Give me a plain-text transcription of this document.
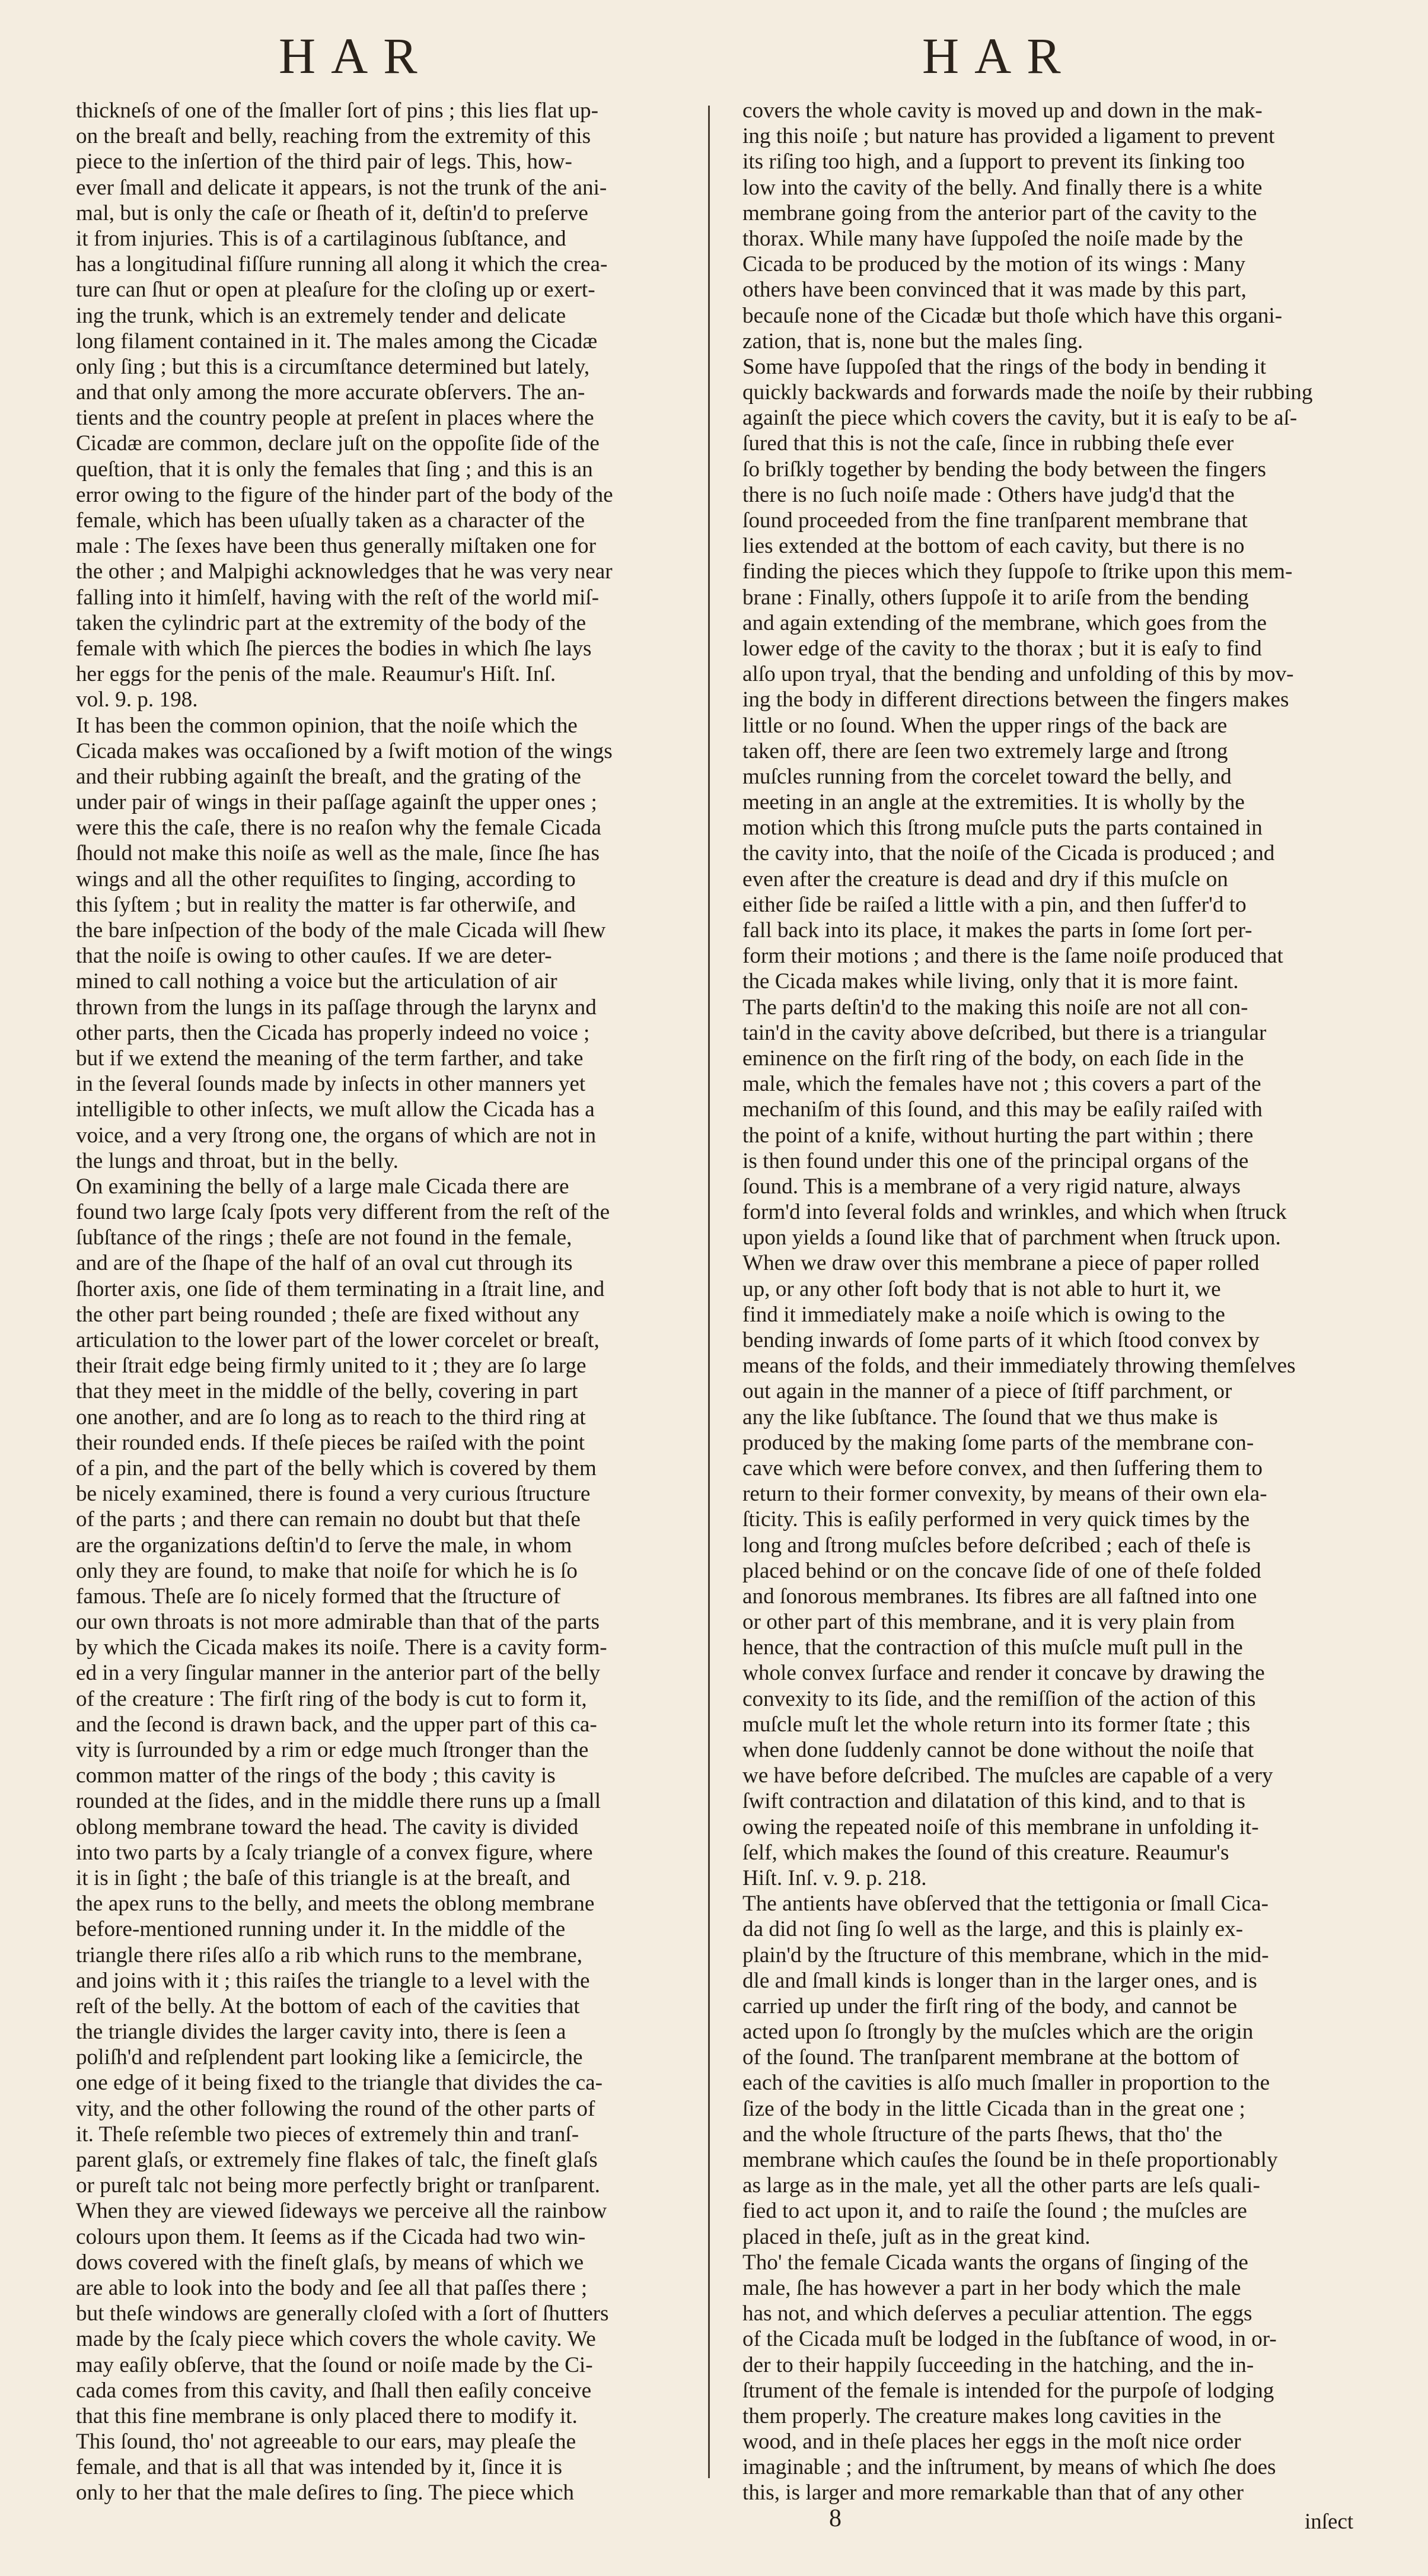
HAR	HAR
thickneſs of one of the ſmaller ſort of pins ; this lies flat up-
on the breaſt and belly, reaching from the extremity of this
piece to the inſertion of the third pair of legs. This, how-
ever ſmall and delicate it appears, is not the trunk of the ani-
mal, but is only the caſe or ſheath of it, deſtin'd to preſerve
it from injuries. This is of a cartilaginous ſubſtance, and
has a longitudinal fiſſure running all along it which the crea-
ture can ſhut or open at pleaſure for the cloſing up or exert-
ing the trunk, which is an extremely tender and delicate
long filament contained in it. The males among the Cicadæ
only ſing ; but this is a circumſtance determined but lately,
and that only among the more accurate obſervers. The an-
tients and the country people at preſent in places where the
Cicadæ are common, declare juſt on the oppoſite ſide of the
queſtion, that it is only the females that ſing ; and this is an
error owing to the figure of the hinder part of the body of the
female, which has been uſually taken as a character of the
male : The ſexes have been thus generally miſtaken one for
the other ; and Malpighi acknowledges that he was very near
falling into it himſelf, having with the reſt of the world miſ-
taken the cylindric part at the extremity of the body of the
female with which ſhe pierces the bodies in which ſhe lays
her eggs for the penis of the male. Reaumur's Hiſt. Inſ.
vol. 9. p. 198.
It has been the common opinion, that the noiſe which the
Cicada makes was occaſioned by a ſwift motion of the wings
and their rubbing againſt the breaſt, and the grating of the
under pair of wings in their paſſage againſt the upper ones ;
were this the caſe, there is no reaſon why the female Cicada
ſhould not make this noiſe as well as the male, ſince ſhe has
wings and all the other requiſites to ſinging, according to
this ſyſtem ; but in reality the matter is far otherwiſe, and
the bare inſpection of the body of the male Cicada will ſhew
that the noiſe is owing to other cauſes. If we are deter-
mined to call nothing a voice but the articulation of air
thrown from the lungs in its paſſage through the larynx and
other parts, then the Cicada has properly indeed no voice ;
but if we extend the meaning of the term farther, and take
in the ſeveral ſounds made by inſects in other manners yet
intelligible to other inſects, we muſt allow the Cicada has a
voice, and a very ſtrong one, the organs of which are not in
the lungs and throat, but in the belly.
On examining the belly of a large male Cicada there are
found two large ſcaly ſpots very different from the reſt of the
ſubſtance of the rings ; theſe are not found in the female,
and are of the ſhape of the half of an oval cut through its
ſhorter axis, one ſide of them terminating in a ſtrait line, and
the other part being rounded ; theſe are fixed without any
articulation to the lower part of the lower corcelet or breaſt,
their ſtrait edge being firmly united to it ; they are ſo large
that they meet in the middle of the belly, covering in part
one another, and are ſo long as to reach to the third ring at
their rounded ends. If theſe pieces be raiſed with the point
of a pin, and the part of the belly which is covered by them
be nicely examined, there is found a very curious ſtructure
of the parts ; and there can remain no doubt but that theſe
are the organizations deſtin'd to ſerve the male, in whom
only they are found, to make that noiſe for which he is ſo
famous. Theſe are ſo nicely formed that the ſtructure of
our own throats is not more admirable than that of the parts
by which the Cicada makes its noiſe. There is a cavity form-
ed in a very ſingular manner in the anterior part of the belly
of the creature : The firſt ring of the body is cut to form it,
and the ſecond is drawn back, and the upper part of this ca-
vity is ſurrounded by a rim or edge much ſtronger than the
common matter of the rings of the body ; this cavity is
rounded at the ſides, and in the middle there runs up a ſmall
oblong membrane toward the head. The cavity is divided
into two parts by a ſcaly triangle of a convex figure, where
it is in ſight ; the baſe of this triangle is at the breaſt, and
the apex runs to the belly, and meets the oblong membrane
before-mentioned running under it. In the middle of the
triangle there riſes alſo a rib which runs to the membrane,
and joins with it ; this raiſes the triangle to a level with the
reſt of the belly. At the bottom of each of the cavities that
the triangle divides the larger cavity into, there is ſeen a
poliſh'd and reſplendent part looking like a ſemicircle, the
one edge of it being fixed to the triangle that divides the ca-
vity, and the other following the round of the other parts of
it. Theſe reſemble two pieces of extremely thin and tranſ-
parent glaſs, or extremely fine flakes of talc, the fineſt glaſs
or pureſt talc not being more perfectly bright or tranſparent.
When they are viewed ſideways we perceive all the rainbow
colours upon them. It ſeems as if the Cicada had two win-
dows covered with the fineſt glaſs, by means of which we
are able to look into the body and ſee all that paſſes there ;
but theſe windows are generally cloſed with a ſort of ſhutters
made by the ſcaly piece which covers the whole cavity. We
may eaſily obſerve, that the ſound or noiſe made by the Ci-
cada comes from this cavity, and ſhall then eaſily conceive
that this fine membrane is only placed there to modify it.
This ſound, tho' not agreeable to our ears, may pleaſe the
female, and that is all that was intended by it, ſince it is
only to her that the male deſires to ſing. The piece which
covers the whole cavity is moved up and down in the mak-
ing this noiſe ; but nature has provided a ligament to prevent
its riſing too high, and a ſupport to prevent its ſinking too
low into the cavity of the belly. And finally there is a white
membrane going from the anterior part of the cavity to the
thorax. While many have ſuppoſed the noiſe made by the
Cicada to be produced by the motion of its wings : Many
others have been convinced that it was made by this part,
becauſe none of the Cicadæ but thoſe which have this organi-
zation, that is, none but the males ſing.
Some have ſuppoſed that the rings of the body in bending it
quickly backwards and forwards made the noiſe by their rubbing
againſt the piece which covers the cavity, but it is eaſy to be aſ-
ſured that this is not the caſe, ſince in rubbing theſe ever
ſo briſkly together by bending the body between the fingers
there is no ſuch noiſe made : Others have judg'd that the
ſound proceeded from the fine tranſparent membrane that
lies extended at the bottom of each cavity, but there is no
finding the pieces which they ſuppoſe to ſtrike upon this mem-
brane : Finally, others ſuppoſe it to ariſe from the bending
and again extending of the membrane, which goes from the
lower edge of the cavity to the thorax ; but it is eaſy to find
alſo upon tryal, that the bending and unfolding of this by mov-
ing the body in different directions between the fingers makes
little or no ſound. When the upper rings of the back are
taken off, there are ſeen two extremely large and ſtrong
muſcles running from the corcelet toward the belly, and
meeting in an angle at the extremities. It is wholly by the
motion which this ſtrong muſcle puts the parts contained in
the cavity into, that the noiſe of the Cicada is produced ; and
even after the creature is dead and dry if this muſcle on
either ſide be raiſed a little with a pin, and then ſuffer'd to
fall back into its place, it makes the parts in ſome ſort per-
form their motions ; and there is the ſame noiſe produced that
the Cicada makes while living, only that it is more faint.
The parts deſtin'd to the making this noiſe are not all con-
tain'd in the cavity above deſcribed, but there is a triangular
eminence on the firſt ring of the body, on each ſide in the
male, which the females have not ; this covers a part of the
mechaniſm of this ſound, and this may be eaſily raiſed with
the point of a knife, without hurting the part within ; there
is then found under this one of the principal organs of the
ſound. This is a membrane of a very rigid nature, always
form'd into ſeveral folds and wrinkles, and which when ſtruck
upon yields a ſound like that of parchment when ſtruck upon.
When we draw over this membrane a piece of paper rolled
up, or any other ſoft body that is not able to hurt it, we
find it immediately make a noiſe which is owing to the
bending inwards of ſome parts of it which ſtood convex by
means of the folds, and their immediately throwing themſelves
out again in the manner of a piece of ſtiff parchment, or
any the like ſubſtance. The ſound that we thus make is
produced by the making ſome parts of the membrane con-
cave which were before convex, and then ſuffering them to
return to their former convexity, by means of their own ela-
ſticity. This is eaſily performed in very quick times by the
long and ſtrong muſcles before deſcribed ; each of theſe is
placed behind or on the concave ſide of one of theſe folded
and ſonorous membranes. Its fibres are all faſtned into one
or other part of this membrane, and it is very plain from
hence, that the contraction of this muſcle muſt pull in the
whole convex ſurface and render it concave by drawing the
convexity to its ſide, and the remiſſion of the action of this
muſcle muſt let the whole return into its former ſtate ; this
when done ſuddenly cannot be done without the noiſe that
we have before deſcribed. The muſcles are capable of a very
ſwift contraction and dilatation of this kind, and to that is
owing the repeated noiſe of this membrane in unfolding it-
ſelf, which makes the ſound of this creature. Reaumur's
Hiſt. Inſ. v. 9. p. 218.
The antients have obſerved that the tettigonia or ſmall Cica-
da did not ſing ſo well as the large, and this is plainly ex-
plain'd by the ſtructure of this membrane, which in the mid-
dle and ſmall kinds is longer than in the larger ones, and is
carried up under the firſt ring of the body, and cannot be
acted upon ſo ſtrongly by the muſcles which are the origin
of the ſound. The tranſparent membrane at the bottom of
each of the cavities is alſo much ſmaller in proportion to the
ſize of the body in the little Cicada than in the great one ;
and the whole ſtructure of the parts ſhews, that tho' the
membrane which cauſes the ſound be in theſe proportionably
as large as in the male, yet all the other parts are leſs quali-
fied to act upon it, and to raiſe the ſound ; the muſcles are
placed in theſe, juſt as in the great kind.
Tho' the female Cicada wants the organs of ſinging of the
male, ſhe has however a part in her body which the male
has not, and which deſerves a peculiar attention. The eggs
of the Cicada muſt be lodged in the ſubſtance of wood, in or-
der to their happily ſucceeding in the hatching, and the in-
ſtrument of the female is intended for the purpoſe of lodging
them properly. The creature makes long cavities in the
wood, and in theſe places her eggs in the moſt nice order
imaginable ; and the inſtrument, by means of which ſhe does
this, is larger and more remarkable than that of any other
8	inſect
